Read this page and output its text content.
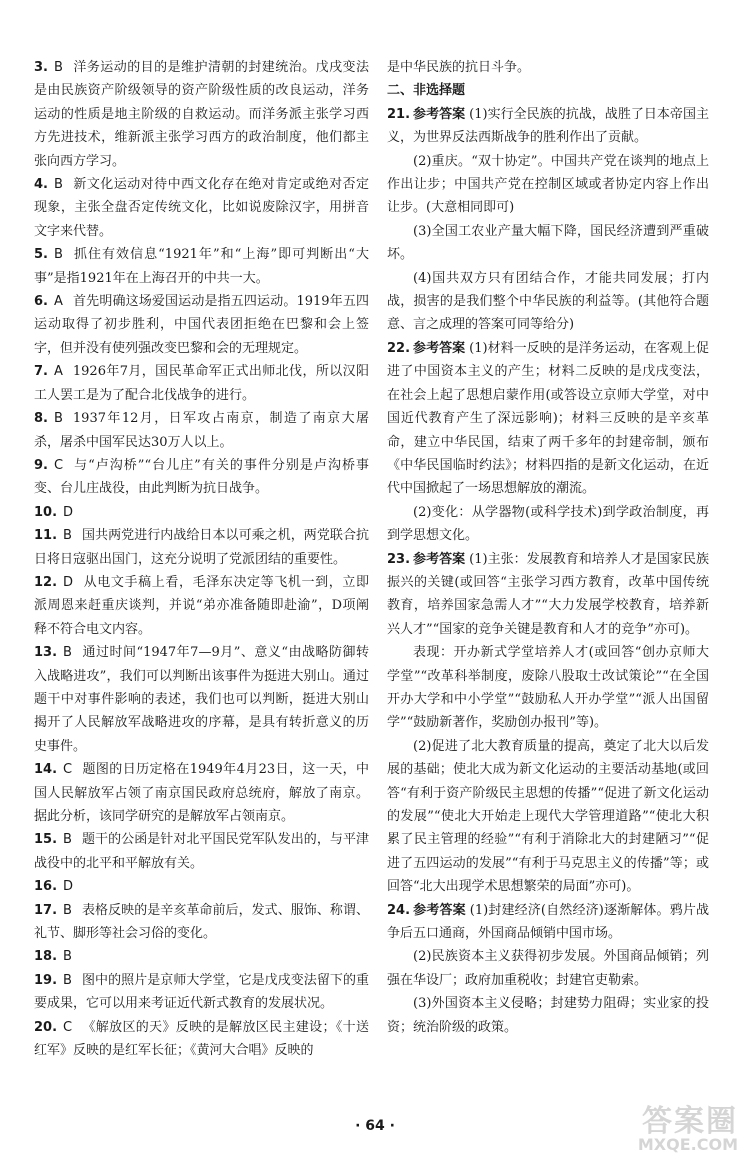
3. B 洋务运动的目的是维护清朝的封建统治。戊戌变法是由民族资产阶级领导的资产阶级性质的改良运动，洋务运动的性质是地主阶级的自救运动。而洋务派主张学习西方先进技术，维新派主张学习西方的政治制度，他们都主张向西方学习。

4. B 新文化运动对待中西文化存在绝对肯定或绝对否定现象，主张全盘否定传统文化，比如说废除汉字，用拼音文字来代替。

5. B 抓住有效信息“1921年”和“上海”即可判断出“大事”是指1921年在上海召开的中共一大。

6. A 首先明确这场爱国运动是指五四运动。1919年五四运动取得了初步胜利，中国代表团拒绝在巴黎和会上签字，但并没有使列强改变巴黎和会的无理规定。

7. A 1926年7月，国民革命军正式出师北伐，所以汉阳工人罢工是为了配合北伐战争的进行。

8. B 1937年12月，日军攻占南京，制造了南京大屠杀，屠杀中国军民达30万人以上。

9. C 与“卢沟桥”“台儿庄”有关的事件分别是卢沟桥事变、台儿庄战役，由此判断为抗日战争。

10. D

11. B 国共两党进行内战给日本以可乘之机，两党联合抗日将日寇驱出国门，这充分说明了党派团结的重要性。

12. D 从电文手稿上看，毛泽东决定等飞机一到，立即派周恩来赶重庆谈判，并说“弟亦准备随即赴渝”，D项阐释不符合电文内容。

13. B 通过时间“1947年7—9月”、意义“由战略防御转入战略进攻”，我们可以判断出该事件为挺进大别山。通过题干中对事件影响的表述，我们也可以判断，挺进大别山揭开了人民解放军战略进攻的序幕，是具有转折意义的历史事件。

14. C 题图的日历定格在1949年4月23日，这一天，中国人民解放军占领了南京国民政府总统府，解放了南京。据此分析，该同学研究的是解放军占领南京。

15. B 题干的公函是针对北平国民党军队发出的，与平津战役中的北平和平解放有关。

16. D

17. B 表格反映的是辛亥革命前后，发式、服饰、称谓、礼节、脚形等社会习俗的变化。

18. B

19. B 图中的照片是京师大学堂，它是戊戌变法留下的重要成果，它可以用来考证近代新式教育的发展状况。

20. C 《解放区的天》反映的是解放区民主建设；《十送红军》反映的是红军长征；《黄河大合唱》反映的

是中华民族的抗日斗争。

二、非选择题

21. 参考答案 (1)实行全民族的抗战，战胜了日本帝国主义，为世界反法西斯战争的胜利作出了贡献。

(2)重庆。“双十协定”。中国共产党在谈判的地点上作出让步；中国共产党在控制区域或者协定内容上作出让步。(大意相同即可)

(3)全国工农业产量大幅下降，国民经济遭到严重破坏。

(4)国共双方只有团结合作，才能共同发展；打内战，损害的是我们整个中华民族的利益等。(其他符合题意、言之成理的答案可同等给分)

22. 参考答案 (1)材料一反映的是洋务运动，在客观上促进了中国资本主义的产生；材料二反映的是戊戌变法，在社会上起了思想启蒙作用(或答设立京师大学堂，对中国近代教育产生了深远影响)；材料三反映的是辛亥革命，建立中华民国，结束了两千多年的封建帝制，颁布《中华民国临时约法》；材料四指的是新文化运动，在近代中国掀起了一场思想解放的潮流。

(2)变化：从学器物(或科学技术)到学政治制度，再到学思想文化。

23. 参考答案 (1)主张：发展教育和培养人才是国家民族振兴的关键(或回答“主张学习西方教育，改革中国传统教育，培养国家急需人才”“大力发展学校教育，培养新兴人才”“国家的竞争关键是教育和人才的竞争”亦可)。

表现：开办新式学堂培养人才(或回答“创办京师大学堂”“改革科举制度，废除八股取士改试策论”“在全国开办大学和中小学堂”“鼓励私人开办学堂”“派人出国留学”“鼓励新著作，奖励创办报刊”等)。

(2)促进了北大教育质量的提高，奠定了北大以后发展的基础；使北大成为新文化运动的主要活动基地(或回答“有利于资产阶级民主思想的传播”“促进了新文化运动的发展”“使北大开始走上现代大学管理道路”“使北大积累了民主管理的经验”“有利于消除北大的封建陋习”“促进了五四运动的发展”“有利于马克思主义的传播”等；或回答“北大出现学术思想繁荣的局面”亦可)。

24. 参考答案 (1)封建经济(自然经济)逐渐解体。鸦片战争后五口通商，外国商品倾销中国市场。

(2)民族资本主义获得初步发展。外国商品倾销；列强在华设厂；政府加重税收；封建官吏勒索。

(3)外国资本主义侵略；封建势力阻碍；实业家的投资；统治阶级的政策。

· 64 ·	答案圈
MXQE.COM
